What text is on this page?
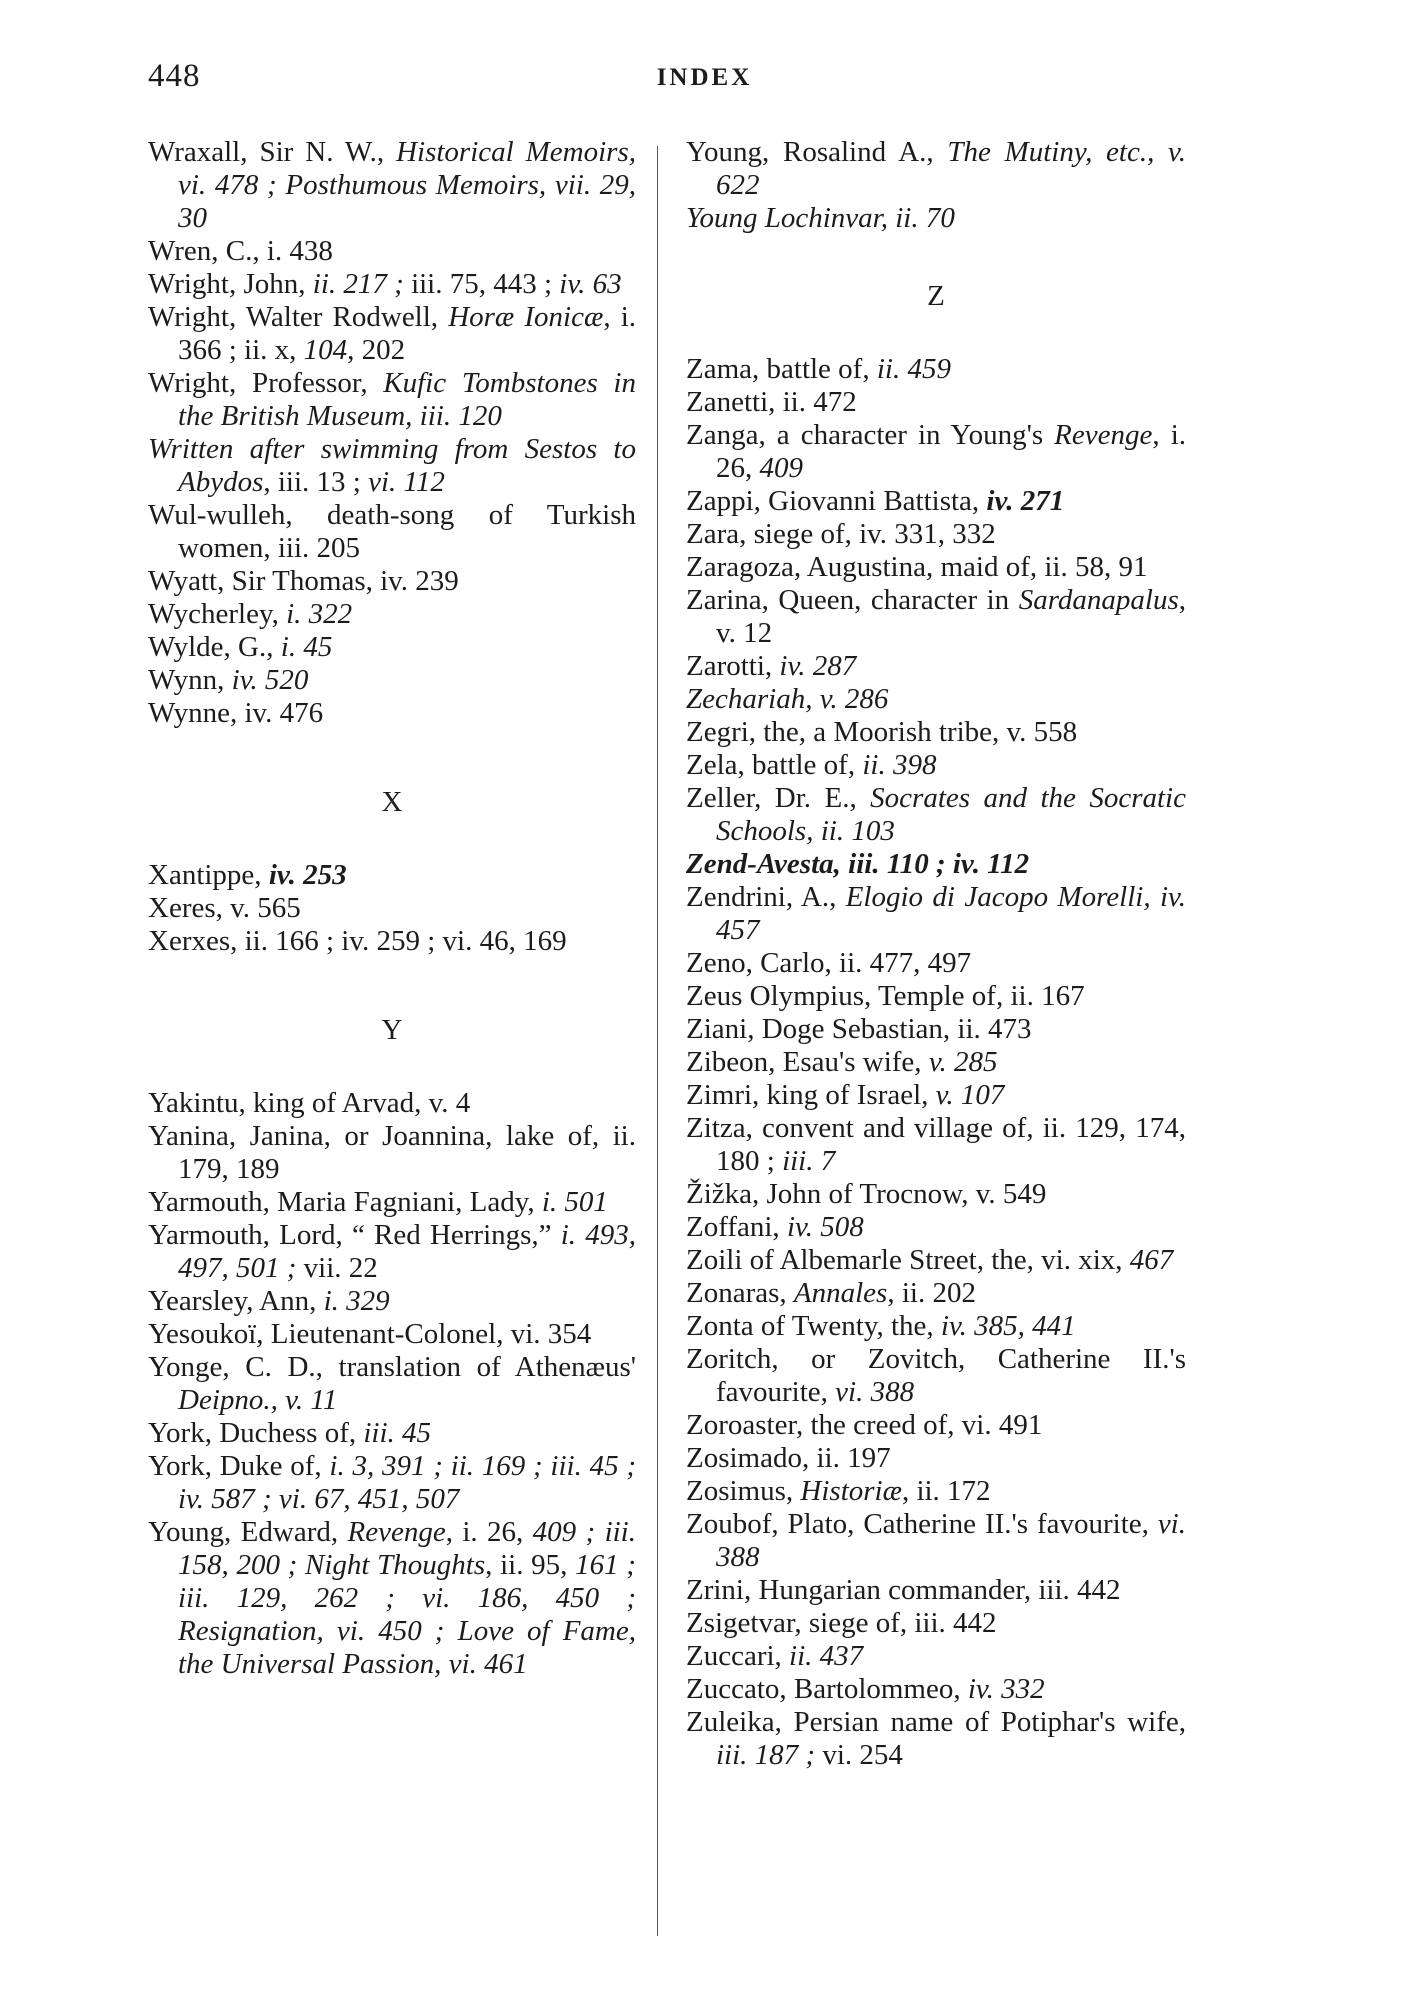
448	INDEX

Wraxall, Sir N. W., Historical Memoirs, vi. 478 ; Posthumous Memoirs, vii. 29, 30

Wren, C., i. 438

Wright, John, ii. 217 ; iii. 75, 443 ; iv. 63

Wright, Walter Rodwell, Horæ Ionicæ, i. 366 ; ii. x, 104, 202

Wright, Professor, Kufic Tombstones in the British Museum, iii. 120

Written after swimming from Sestos to Abydos, iii. 13 ; vi. 112

Wul-wulleh, death-song of Turkish women, iii. 205

Wyatt, Sir Thomas, iv. 239

Wycherley, i. 322

Wylde, G., i. 45

Wynn, iv. 520

Wynne, iv. 476

X

Xantippe, iv. 253

Xeres, v. 565

Xerxes, ii. 166 ; iv. 259 ; vi. 46, 169

Y

Yakintu, king of Arvad, v. 4

Yanina, Janina, or Joannina, lake of, ii. 179, 189

Yarmouth, Maria Fagniani, Lady, i. 501

Yarmouth, Lord, “ Red Herrings,” i. 493, 497, 501 ; vii. 22

Yearsley, Ann, i. 329

Yesoukoï, Lieutenant-Colonel, vi. 354

Yonge, C. D., translation of Athenæus' Deipno., v. 11

York, Duchess of, iii. 45

York, Duke of, i. 3, 391 ; ii. 169 ; iii. 45 ; iv. 587 ; vi. 67, 451, 507

Young, Edward, Revenge, i. 26, 409 ; iii. 158, 200 ; Night Thoughts, ii. 95, 161 ; iii. 129, 262 ; vi. 186, 450 ; Resignation, vi. 450 ; Love of Fame, the Universal Passion, vi. 461

Young, Rosalind A., The Mutiny, etc., v. 622

Young Lochinvar, ii. 70

Z

Zama, battle of, ii. 459

Zanetti, ii. 472

Zanga, a character in Young's Revenge, i. 26, 409

Zappi, Giovanni Battista, iv. 271

Zara, siege of, iv. 331, 332

Zaragoza, Augustina, maid of, ii. 58, 91

Zarina, Queen, character in Sardanapalus, v. 12

Zarotti, iv. 287

Zechariah, v. 286

Zegri, the, a Moorish tribe, v. 558

Zela, battle of, ii. 398

Zeller, Dr. E., Socrates and the Socratic Schools, ii. 103

Zend-Avesta, iii. 110 ; iv. 112

Zendrini, A., Elogio di Jacopo Morelli, iv. 457

Zeno, Carlo, ii. 477, 497

Zeus Olympius, Temple of, ii. 167

Ziani, Doge Sebastian, ii. 473

Zibeon, Esau's wife, v. 285

Zimri, king of Israel, v. 107

Zitza, convent and village of, ii. 129, 174, 180 ; iii. 7

Žižka, John of Trocnow, v. 549

Zoffani, iv. 508

Zoili of Albemarle Street, the, vi. xix, 467

Zonaras, Annales, ii. 202

Zonta of Twenty, the, iv. 385, 441

Zoritch, or Zovitch, Catherine II.'s favourite, vi. 388

Zoroaster, the creed of, vi. 491

Zosimado, ii. 197

Zosimus, Historiæ, ii. 172

Zoubof, Plato, Catherine II.'s favourite, vi. 388

Zrini, Hungarian commander, iii. 442

Zsigetvar, siege of, iii. 442

Zuccari, ii. 437

Zuccato, Bartolommeo, iv. 332

Zuleika, Persian name of Potiphar's wife, iii. 187 ; vi. 254
